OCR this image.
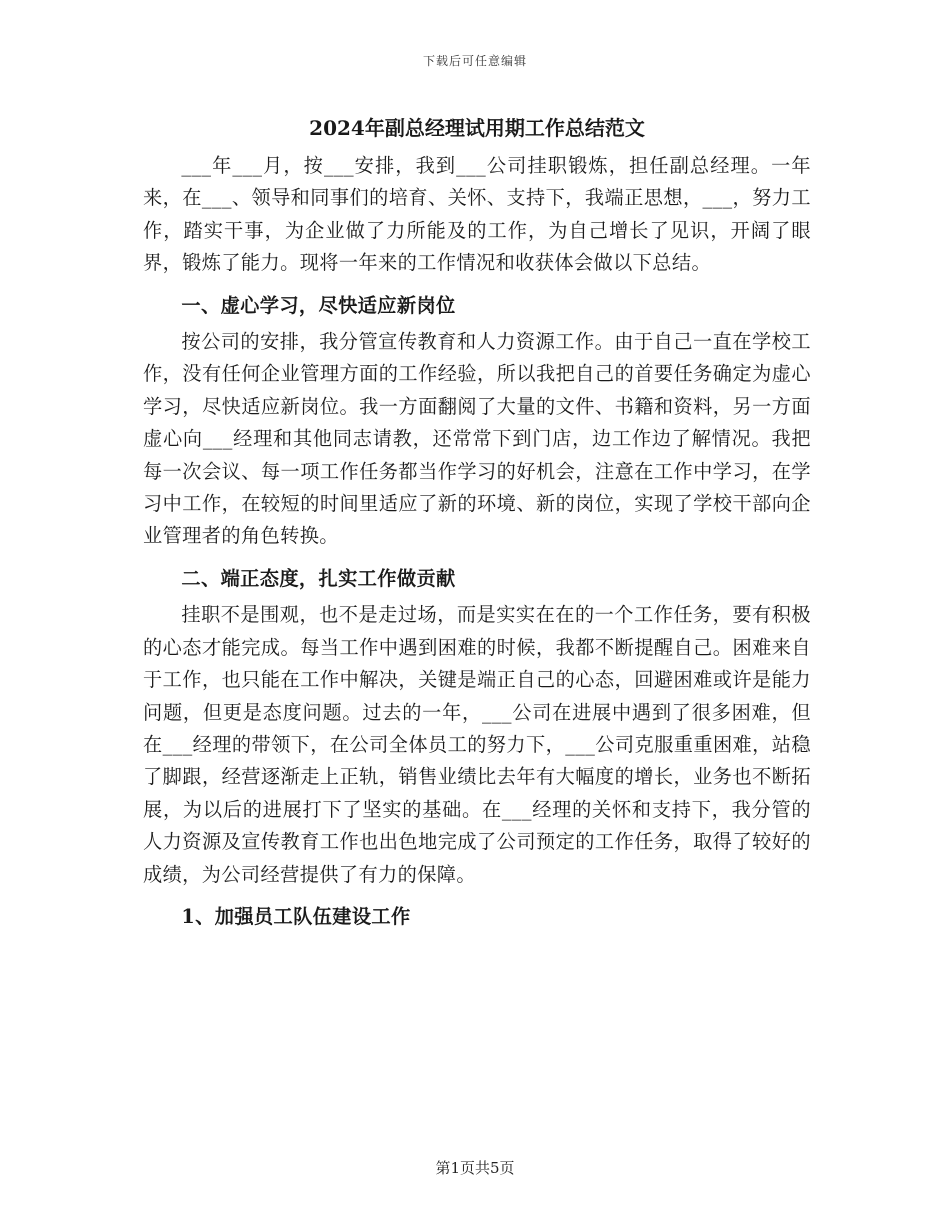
下载后可任意编辑
2024年副总经理试用期工作总结范文

___年___月，按___安排，我到___公司挂职锻炼，担任副总经理。一年来，在___、领导和同事们的培育、关怀、支持下，我端正思想，___，努力工作，踏实干事，为企业做了力所能及的工作，为自己增长了见识，开阔了眼界，锻炼了能力。现将一年来的工作情况和收获体会做以下总结。

一、虚心学习，尽快适应新岗位

按公司的安排，我分管宣传教育和人力资源工作。由于自己一直在学校工作，没有任何企业管理方面的工作经验，所以我把自己的首要任务确定为虚心学习，尽快适应新岗位。我一方面翻阅了大量的文件、书籍和资料，另一方面虚心向___经理和其他同志请教，还常常下到门店，边工作边了解情况。我把每一次会议、每一项工作任务都当作学习的好机会，注意在工作中学习，在学习中工作，在较短的时间里适应了新的环境、新的岗位，实现了学校干部向企业管理者的角色转换。

二、端正态度，扎实工作做贡献

挂职不是围观，也不是走过场，而是实实在在的一个工作任务，要有积极的心态才能完成。每当工作中遇到困难的时候，我都不断提醒自己。困难来自于工作，也只能在工作中解决，关键是端正自己的心态，回避困难或许是能力问题，但更是态度问题。过去的一年，___公司在进展中遇到了很多困难，但在___经理的带领下，在公司全体员工的努力下，___公司克服重重困难，站稳了脚跟，经营逐渐走上正轨，销售业绩比去年有大幅度的增长，业务也不断拓展，为以后的进展打下了坚实的基础。在___经理的关怀和支持下，我分管的人力资源及宣传教育工作也出色地完成了公司预定的工作任务，取得了较好的成绩，为公司经营提供了有力的保障。

1、加强员工队伍建设工作
第1页共5页
